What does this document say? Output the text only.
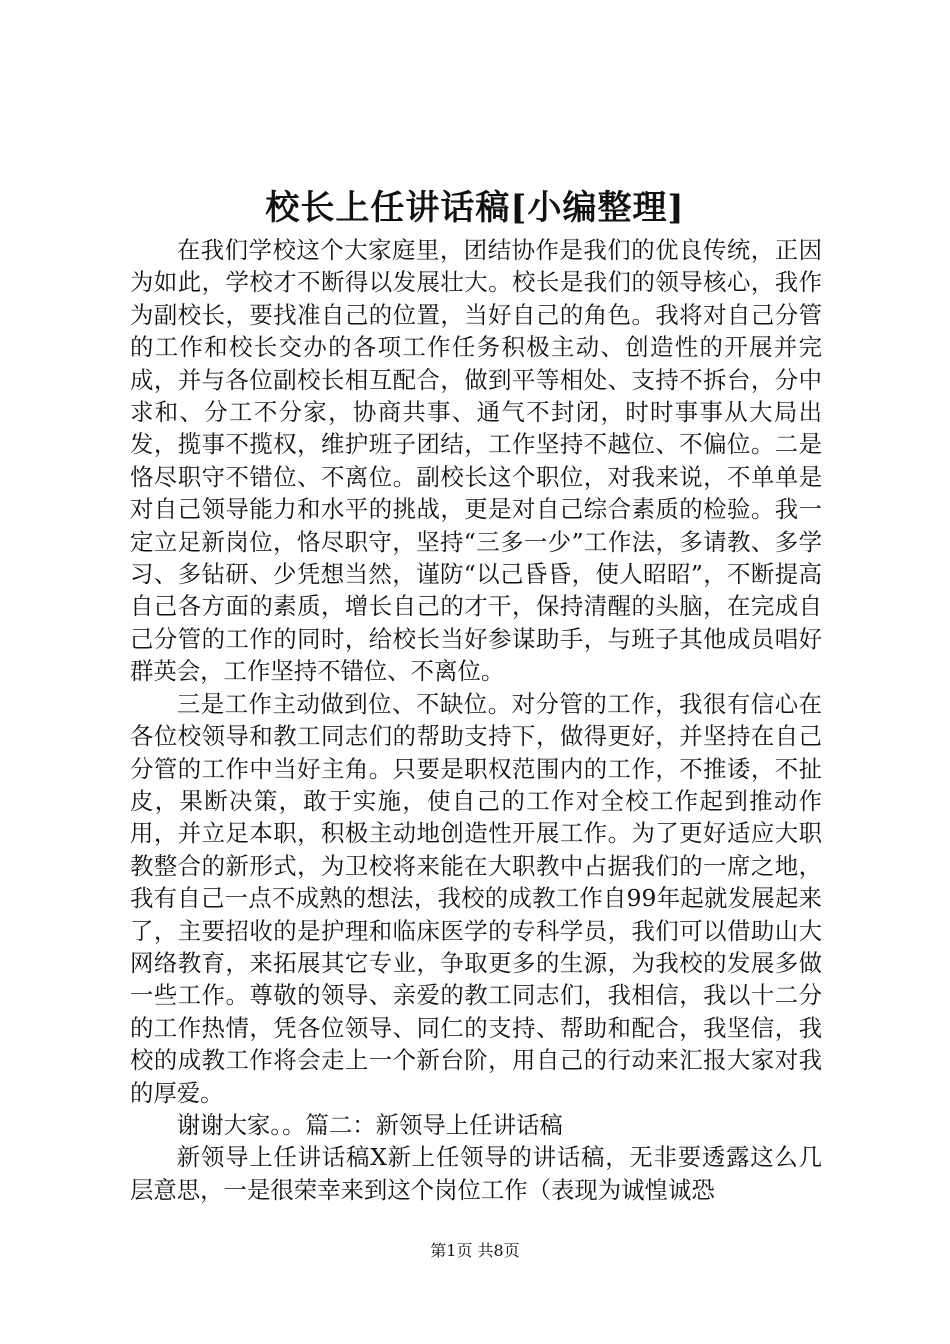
校长上任讲话稿[小编整理]

在我们学校这个大家庭里，团结协作是我们的优良传统，正因为如此，学校才不断得以发展壮大。校长是我们的领导核心，我作为副校长，要找准自己的位置，当好自己的角色。我将对自己分管的工作和校长交办的各项工作任务积极主动、创造性的开展并完成，并与各位副校长相互配合，做到平等相处、支持不拆台，分中求和、分工不分家，协商共事、通气不封闭，时时事事从大局出发，揽事不揽权，维护班子团结，工作坚持不越位、不偏位。二是恪尽职守不错位、不离位。副校长这个职位，对我来说，不单单是对自己领导能力和水平的挑战，更是对自己综合素质的检验。我一定立足新岗位，恪尽职守，坚持“三多一少”工作法，多请教、多学习、多钻研、少凭想当然，谨防“以己昏昏，使人昭昭”，不断提高自己各方面的素质，增长自己的才干，保持清醒的头脑，在完成自己分管的工作的同时，给校长当好参谋助手，与班子其他成员唱好群英会，工作坚持不错位、不离位。

三是工作主动做到位、不缺位。对分管的工作，我很有信心在各位校领导和教工同志们的帮助支持下，做得更好，并坚持在自己分管的工作中当好主角。只要是职权范围内的工作，不推诿，不扯皮，果断决策，敢于实施，使自己的工作对全校工作起到推动作用，并立足本职，积极主动地创造性开展工作。为了更好适应大职教整合的新形式，为卫校将来能在大职教中占据我们的一席之地，我有自己一点不成熟的想法，我校的成教工作自99年起就发展起来了，主要招收的是护理和临床医学的专科学员，我们可以借助山大网络教育，来拓展其它专业，争取更多的生源，为我校的发展多做一些工作。尊敬的领导、亲爱的教工同志们，我相信，我以十二分的工作热情，凭各位领导、同仁的支持、帮助和配合，我坚信，我校的成教工作将会走上一个新台阶，用自己的行动来汇报大家对我的厚爱。

谢谢大家。。篇二：新领导上任讲话稿

新领导上任讲话稿X新上任领导的讲话稿，无非要透露这么几层意思，一是很荣幸来到这个岗位工作（表现为诚惶诚恐

第1页 共8页
